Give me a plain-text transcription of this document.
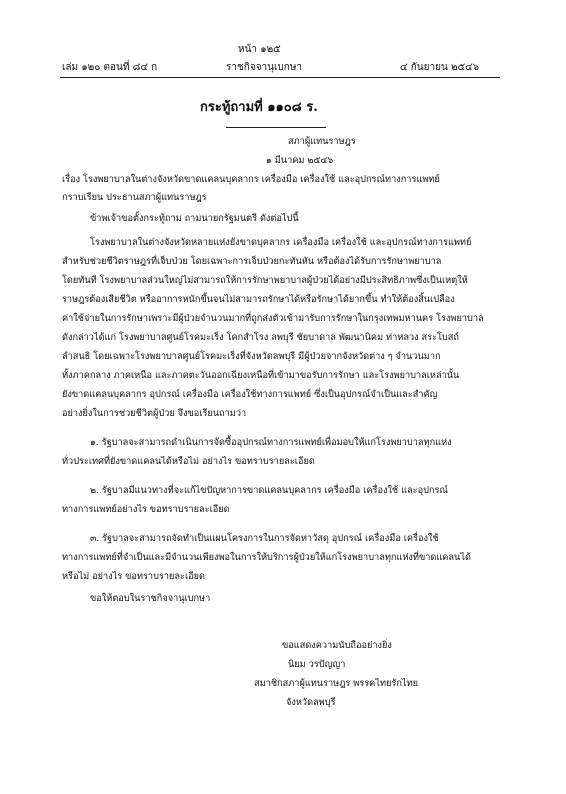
หน้า ๑๒๕
เล่ม ๑๒๐ ตอนที่ ๘๔ ก	ราชกิจจานุเบกษา	๔ กันยายน ๒๕๔๖
กระทู้ถามที่ ๑๑๐๘ ร.
สภาผู้แทนราษฎร
๑ มีนาคม ๒๕๔๖
เรื่อง โรงพยาบาลในต่างจังหวัดขาดแคลนบุคลากร เครื่องมือ เครื่องใช้ และอุปกรณ์ทางการแพทย์
กราบเรียน ประธานสภาผู้แทนราษฎร
ข้าพเจ้าขอตั้งกระทู้ถาม ถามนายกรัฐมนตรี ดังต่อไปนี้
โรงพยาบาลในต่างจังหวัดหลายแห่งยังขาดบุคลากร เครื่องมือ เครื่องใช้ และอุปกรณ์ทางการแพทย์
สำหรับช่วยชีวิตราษฎรที่เจ็บป่วย โดยเฉพาะการเจ็บป่วยกะทันหัน หรือต้องได้รับการรักษาพยาบาล
โดยทันที โรงพยาบาลส่วนใหญ่ไม่สามารถให้การรักษาพยาบาลผู้ป่วยได้อย่างมีประสิทธิภาพซึ่งเป็นเหตุให้
ราษฎรต้องเสียชีวิต หรืออาการหนักขึ้นจนไม่สามารถรักษาได้หรือรักษาได้ยากขึ้น ทำให้ต้องสิ้นเปลือง
ค่าใช้จ่ายในการรักษาเพราะมีผู้ป่วยจำนวนมากที่ถูกส่งตัวเข้ามารับการรักษาในกรุงเทพมหานคร โรงพยาบาล
ดังกล่าวได้แก่ โรงพยาบาลศูนย์โรคมะเร็ง โคกสำโรง ลพบุรี ชัยบาดาล พัฒนานิคม ท่าหลวง สระโบสถ์
ลำสนธิ โดยเฉพาะโรงพยาบาลศูนย์โรคมะเร็งที่จังหวัดลพบุรี มีผู้ป่วยจากจังหวัดต่าง ๆ จำนวนมาก
ทั้งภาคกลาง ภาคเหนือ และภาคตะวันออกเฉียงเหนือที่เข้ามาขอรับการรักษา และโรงพยาบาลเหล่านั้น
ยังขาดแคลนบุคลากร อุปกรณ์ เครื่องมือ เครื่องใช้ทางการแพทย์ ซึ่งเป็นอุปกรณ์จำเป็นและสำคัญ
อย่างยิ่งในการช่วยชีวิตผู้ป่วย จึงขอเรียนถามว่า
๑. รัฐบาลจะสามารถดำเนินการจัดซื้ออุปกรณ์ทางการแพทย์เพื่อมอบให้แก่โรงพยาบาลทุกแห่ง
ทั่วประเทศที่ยังขาดแคลนได้หรือไม่ อย่างไร ขอทราบรายละเอียด
๒. รัฐบาลมีแนวทางที่จะแก้ไขปัญหาการขาดแคลนบุคลากร เครื่องมือ เครื่องใช้ และอุปกรณ์
ทางการแพทย์อย่างไร ขอทราบรายละเอียด
๓. รัฐบาลจะสามารถจัดทำเป็นแผนโครงการในการจัดหาวัสดุ อุปกรณ์ เครื่องมือ เครื่องใช้
ทางการแพทย์ที่จำเป็นและมีจำนวนเพียงพอในการให้บริการผู้ป่วยให้แก่โรงพยาบาลทุกแห่งที่ขาดแคลนได้
หรือไม่ อย่างไร ขอทราบรายละเอียด
ขอให้ตอบในราชกิจจานุเบกษา
ขอแสดงความนับถืออย่างยิ่ง
นิยม วรปัญญา
สมาชิกสภาผู้แทนราษฎร พรรคไทยรักไทย
จังหวัดลพบุรี
